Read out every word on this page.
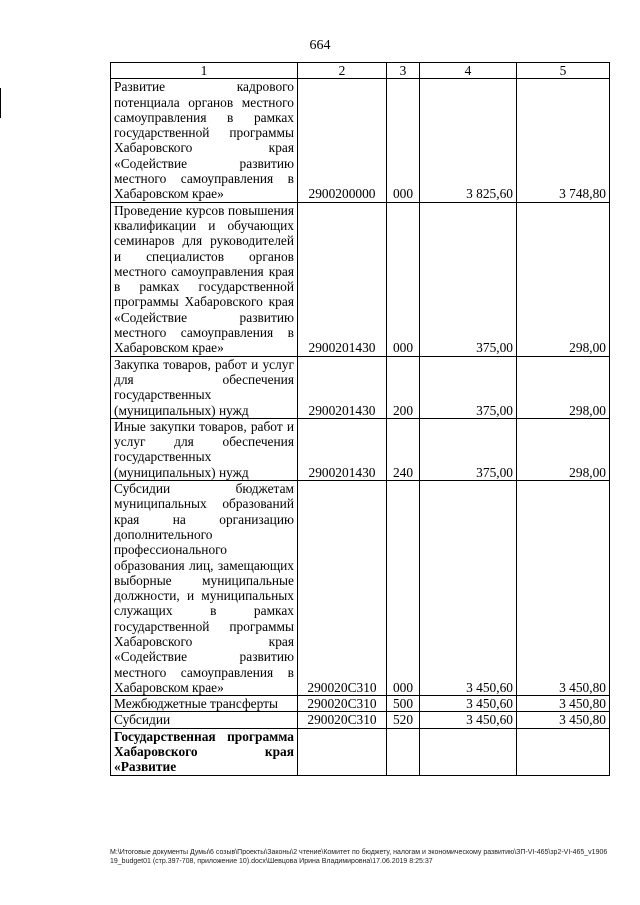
664
1	2	3	4	5
Развитие кадрового потенциала органов местного самоуправления в рамках государственной программы Хабаровского края «Содействие развитию местного самоуправления в Хабаровском крае»	2900200000	000	3 825,60	3 748,80
Проведение курсов повышения квалификации и обучающих семинаров для руководителей и специалистов органов местного самоуправления края в рамках государственной программы Хабаровского края «Содействие развитию местного самоуправления в Хабаровском крае»	2900201430	000	375,00	298,00
Закупка товаров, работ и услуг для обеспечения государственных (муниципальных) нужд	2900201430	200	375,00	298,00
Иные закупки товаров, работ и услуг для обеспечения государственных (муниципальных) нужд	2900201430	240	375,00	298,00
Субсидии бюджетам муниципальных образований края на организацию дополнительного профессионального образования лиц, замещающих выборные муниципальные должности, и муниципальных служащих в рамках государственной программы Хабаровского края «Содействие развитию местного самоуправления в Хабаровском крае»	290020С310	000	3 450,60	3 450,80
Межбюджетные трансферты	290020С310	500	3 450,60	3 450,80
Субсидии	290020С310	520	3 450,60	3 450,80
Государственная программа Хабаровского края «Развитие				
M:\Итоговые документы Думы\6 созыв\Проекты\Законы\2 чтение\Комитет по бюджету, налогам и экономическому развитию\ЗП-VI-465\зр2-VI-465_v190619_budget01 (стр.397-708, приложение 10).docx\Шевцова Ирина Владимировна\17.06.2019 8:25:37
